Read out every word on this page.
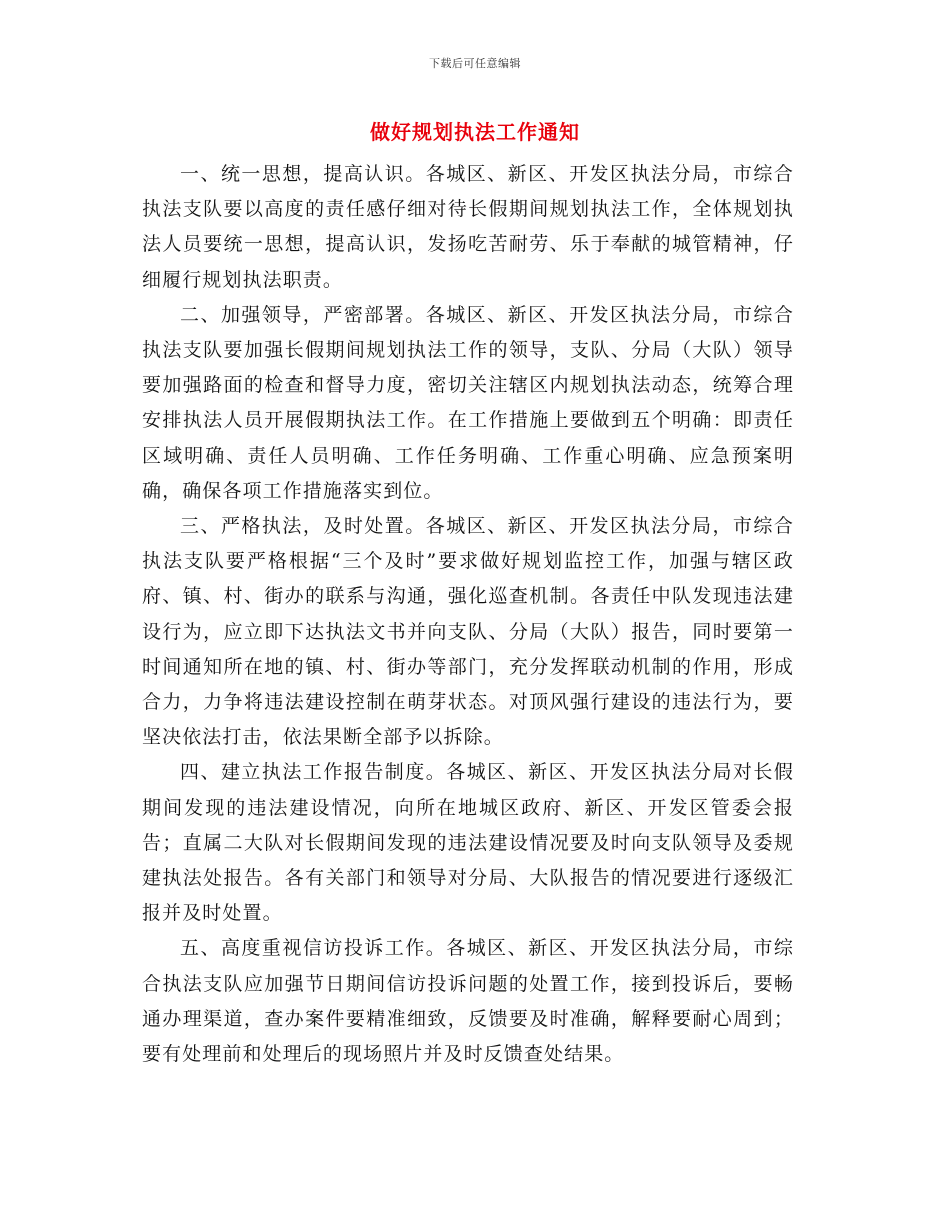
下载后可任意编辑
做好规划执法工作通知

一、统一思想，提高认识。各城区、新区、开发区执法分局，市综合执法支队要以高度的责任感仔细对待长假期间规划执法工作，全体规划执法人员要统一思想，提高认识，发扬吃苦耐劳、乐于奉献的城管精神，仔细履行规划执法职责。

二、加强领导，严密部署。各城区、新区、开发区执法分局，市综合执法支队要加强长假期间规划执法工作的领导，支队、分局（大队）领导要加强路面的检查和督导力度，密切关注辖区内规划执法动态，统筹合理安排执法人员开展假期执法工作。在工作措施上要做到五个明确：即责任区域明确、责任人员明确、工作任务明确、工作重心明确、应急预案明确，确保各项工作措施落实到位。

三、严格执法，及时处置。各城区、新区、开发区执法分局，市综合执法支队要严格根据“三个及时”要求做好规划监控工作，加强与辖区政府、镇、村、街办的联系与沟通，强化巡查机制。各责任中队发现违法建设行为，应立即下达执法文书并向支队、分局（大队）报告，同时要第一时间通知所在地的镇、村、街办等部门，充分发挥联动机制的作用，形成合力，力争将违法建设控制在萌芽状态。对顶风强行建设的违法行为，要坚决依法打击，依法果断全部予以拆除。

四、建立执法工作报告制度。各城区、新区、开发区执法分局对长假期间发现的违法建设情况，向所在地城区政府、新区、开发区管委会报告；直属二大队对长假期间发现的违法建设情况要及时向支队领导及委规建执法处报告。各有关部门和领导对分局、大队报告的情况要进行逐级汇报并及时处置。

五、高度重视信访投诉工作。各城区、新区、开发区执法分局，市综合执法支队应加强节日期间信访投诉问题的处置工作，接到投诉后，要畅通办理渠道，查办案件要精准细致，反馈要及时准确，解释要耐心周到；要有处理前和处理后的现场照片并及时反馈查处结果。
